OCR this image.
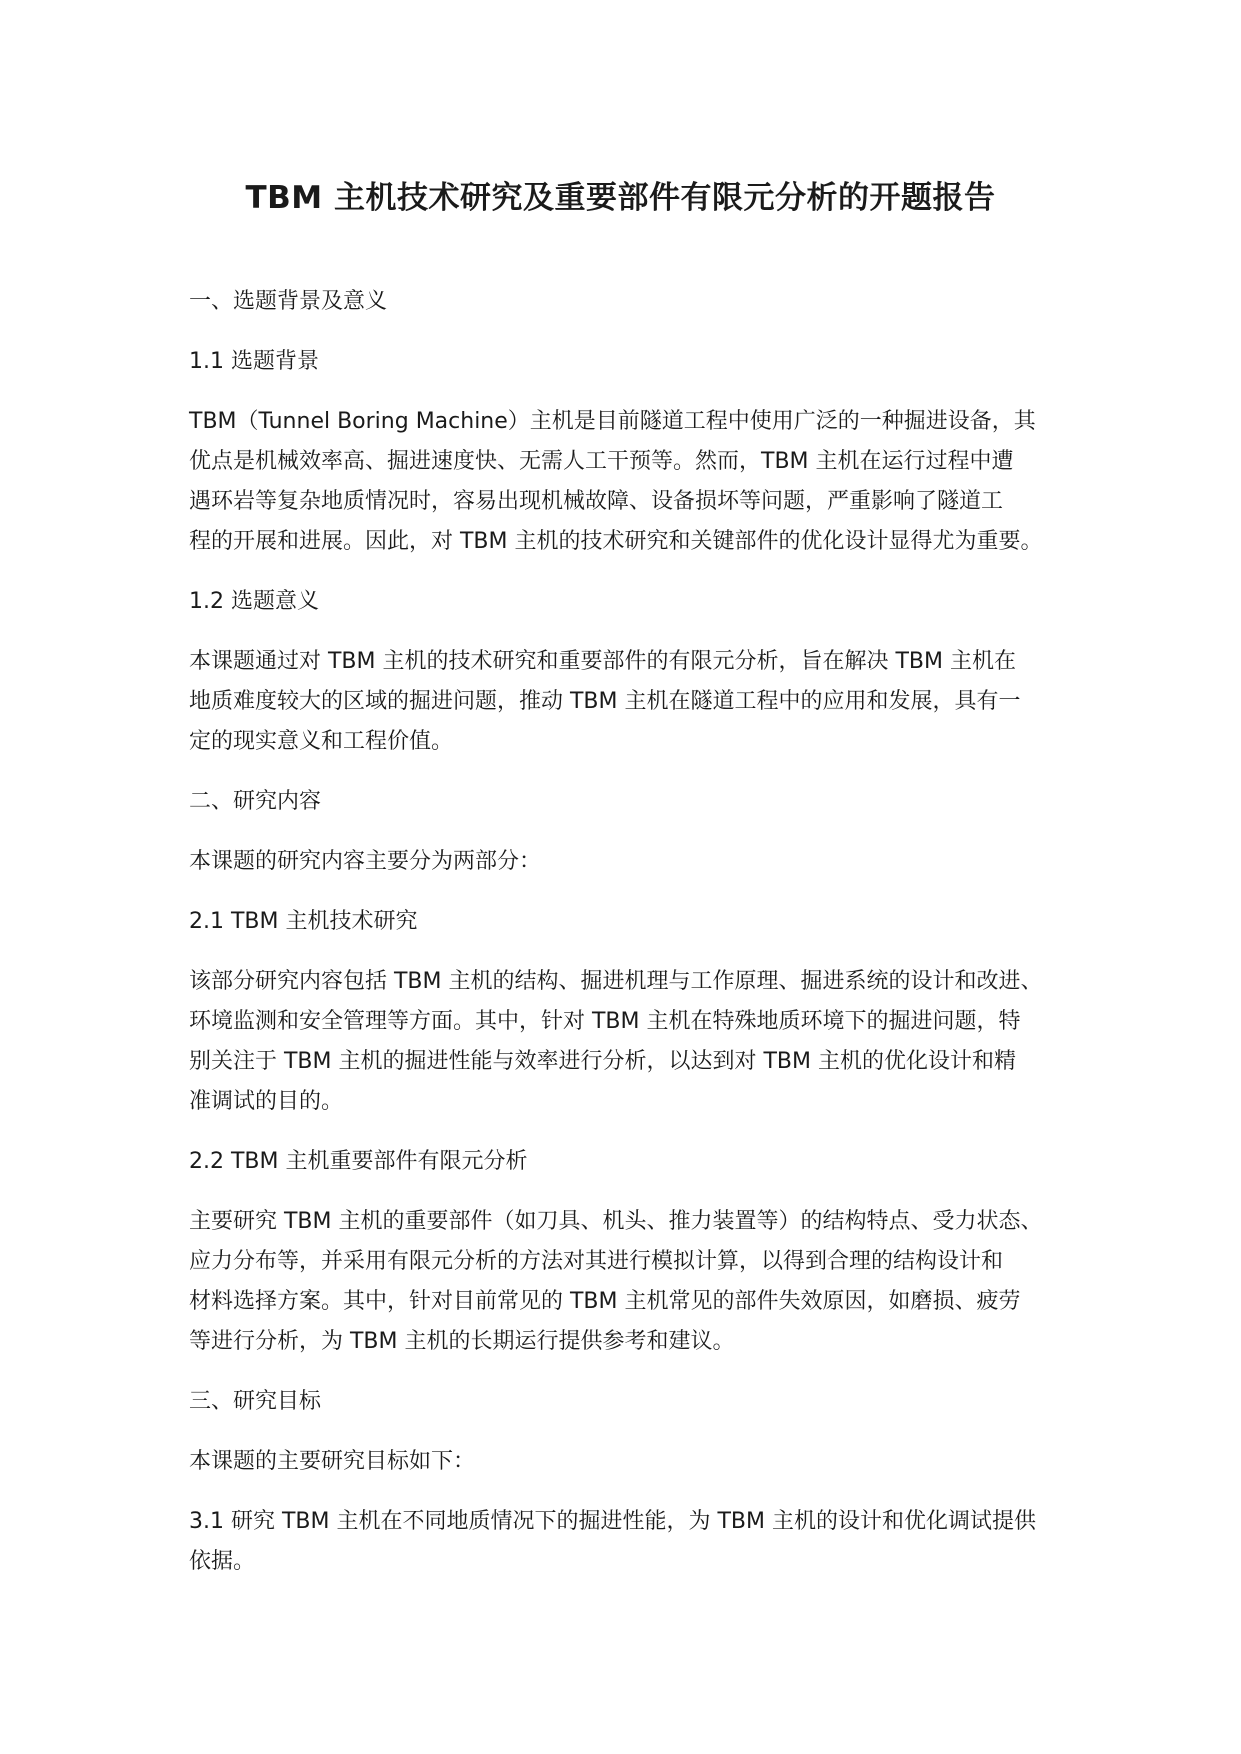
TBM 主机技术研究及重要部件有限元分析的开题报告
一、选题背景及意义
1.1 选题背景
TBM（Tunnel Boring Machine）主机是目前隧道工程中使用广泛的一种掘进设备，其
优点是机械效率高、掘进速度快、无需人工干预等。然而，TBM 主机在运行过程中遭
遇环岩等复杂地质情况时，容易出现机械故障、设备损坏等问题，严重影响了隧道工
程的开展和进展。因此，对 TBM 主机的技术研究和关键部件的优化设计显得尤为重要。
1.2 选题意义
本课题通过对 TBM 主机的技术研究和重要部件的有限元分析，旨在解决 TBM 主机在
地质难度较大的区域的掘进问题，推动 TBM 主机在隧道工程中的应用和发展，具有一
定的现实意义和工程价值。
二、研究内容
本课题的研究内容主要分为两部分：
2.1 TBM 主机技术研究
该部分研究内容包括 TBM 主机的结构、掘进机理与工作原理、掘进系统的设计和改进、
环境监测和安全管理等方面。其中，针对 TBM 主机在特殊地质环境下的掘进问题，特
别关注于 TBM 主机的掘进性能与效率进行分析，以达到对 TBM 主机的优化设计和精
准调试的目的。
2.2 TBM 主机重要部件有限元分析
主要研究 TBM 主机的重要部件（如刀具、机头、推力装置等）的结构特点、受力状态、
应力分布等，并采用有限元分析的方法对其进行模拟计算，以得到合理的结构设计和
材料选择方案。其中，针对目前常见的 TBM 主机常见的部件失效原因，如磨损、疲劳
等进行分析，为 TBM 主机的长期运行提供参考和建议。
三、研究目标
本课题的主要研究目标如下：
3.1 研究 TBM 主机在不同地质情况下的掘进性能，为 TBM 主机的设计和优化调试提供
依据。
